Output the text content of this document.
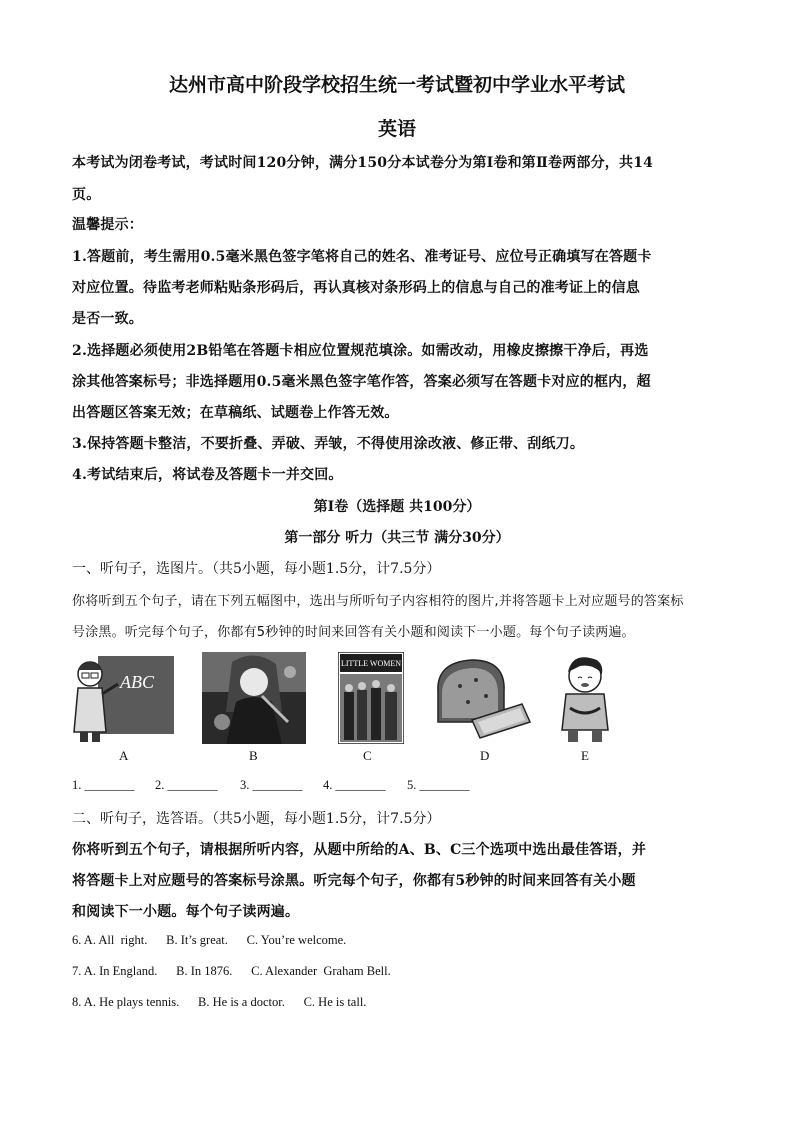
达州市高中阶段学校招生统一考试暨初中学业水平考试
英语
本考试为闭卷考试，考试时间120分钟，满分150分本试卷分为第Ⅰ卷和第Ⅱ卷两部分，共14
页。
温馨提示：
1.答题前，考生需用0.5毫米黑色签字笔将自己的姓名、准考证号、应位号正确填写在答题卡
对应位置。待监考老师粘贴条形码后，再认真核对条形码上的信息与自己的准考证上的信息
是否一致。
2.选择题必须使用2B铅笔在答题卡相应位置规范填涂。如需改动，用橡皮擦擦干净后，再选
涂其他答案标号；非选择题用0.5毫米黑色签字笔作答，答案必须写在答题卡对应的框内，超
出答题区答案无效；在草稿纸、试题卷上作答无效。
3.保持答题卡整洁，不要折叠、弄破、弄皱，不得使用涂改液、修正带、刮纸刀。
4.考试结束后，将试卷及答题卡一并交回。
第Ⅰ卷（选择题 共100分）
第一部分 听力（共三节 满分30分）
一、听句子，选图片。（共5小题，每小题1.5分，计7.5分）
你将听到五个句子，请在下列五幅图中，选出与所听句子内容相符的图片,并将答题卡上对应题号的答案标
号涂黑。听完每个句子，你都有5秒钟的时间来回答有关小题和阅读下一小题。每个句子读两遍。
ABC
A	B
LITTLE WOMEN
C	D	E
1. ________ 2. ________ 3. ________ 4. ________ 5. ________
二、听句子，选答语。（共5小题，每小题1.5分，计7.5分）
你将听到五个句子，请根据所听内容，从题中所给的A、B、C三个选项中选出最佳答语，并
将答题卡上对应题号的答案标号涂黑。听完每个句子，你都有5秒钟的时间来回答有关小题
和阅读下一小题。每个句子读两遍。
6. A. All  right.      B. It’s great.      C. You’re welcome.
7. A. In England.      B. In 1876.      C. Alexander  Graham Bell.
8. A. He plays tennis.      B. He is a doctor.      C. He is tall.
